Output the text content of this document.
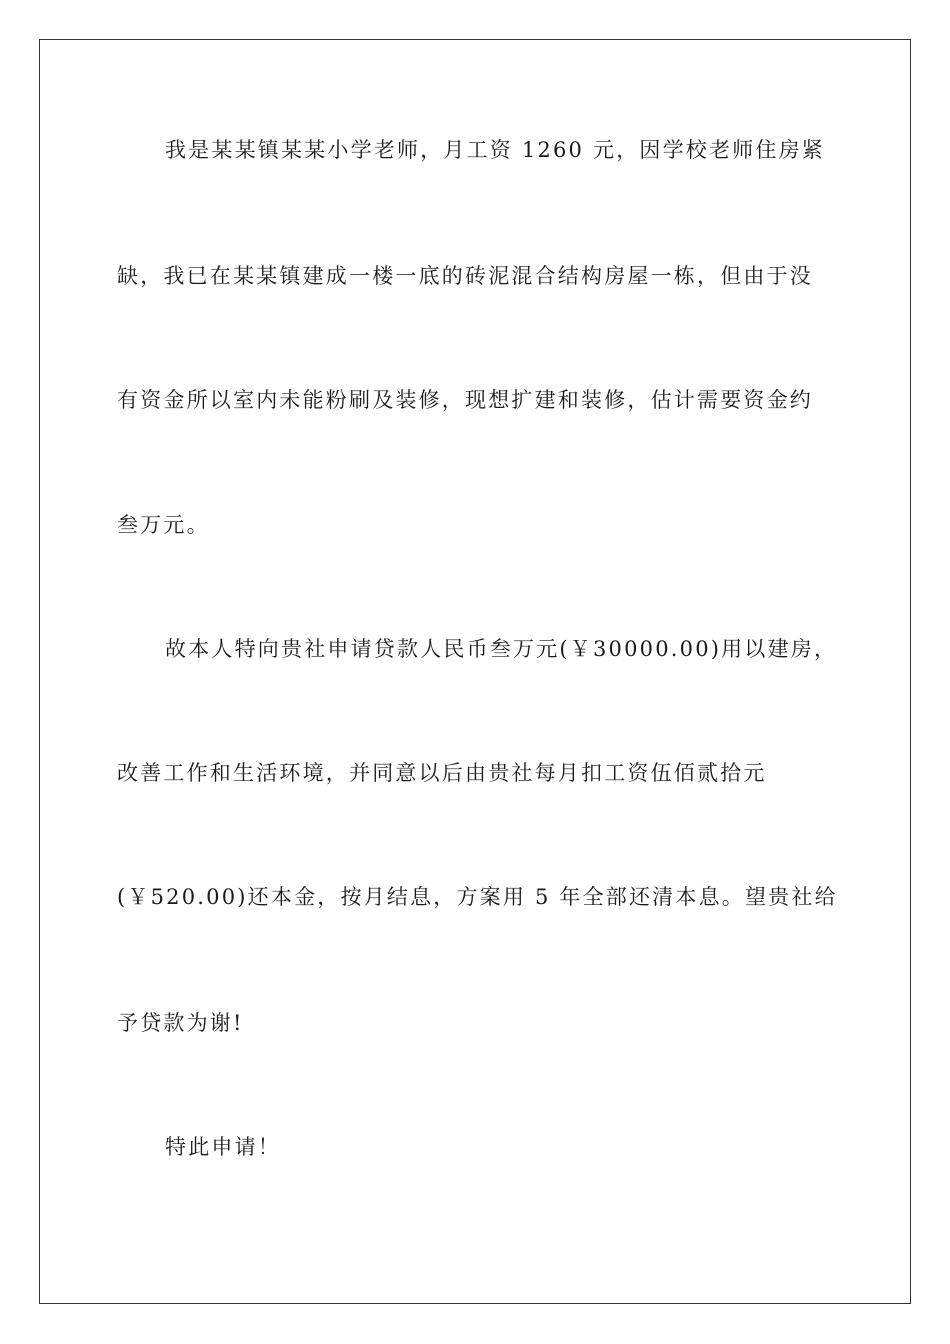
我是某某镇某某小学老师，月工资 1260 元，因学校老师住房紧
缺，我已在某某镇建成一楼一底的砖泥混合结构房屋一栋，但由于没
有资金所以室内未能粉刷及装修，现想扩建和装修，估计需要资金约
叁万元。
故本人特向贵社申请贷款人民币叁万元(￥30000.00)用以建房，
改善工作和生活环境，并同意以后由贵社每月扣工资伍佰贰拾元
(￥520.00)还本金，按月结息，方案用 5 年全部还清本息。望贵社给
予贷款为谢!
特此申请！
